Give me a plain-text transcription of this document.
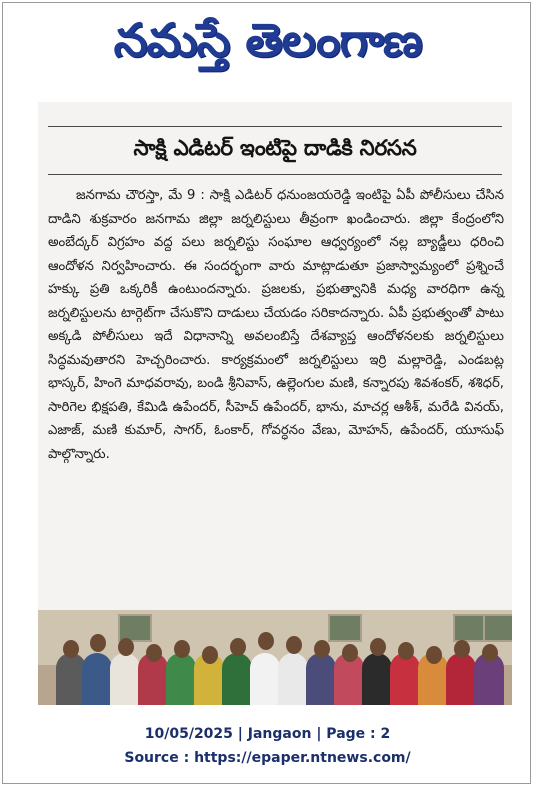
నమస్తే తెలంగాణ
సాక్షి ఎడిటర్ ఇంటిపై దాడికి నిరసన

జనగామ చౌరస్తా, మే 9 : సాక్షి ఎడిటర్ ధనుంజయరెడ్డి ఇంటిపై ఏపీ పోలీసులు చేసిన దాడిని శుక్రవారం జనగామ జిల్లా జర్నలిస్టులు తీవ్రంగా ఖండించారు. జిల్లా కేంద్రంలోని అంబేద్కర్ విగ్రహం వద్ద పలు జర్నలిస్టు సంఘాల ఆధ్వర్యంలో నల్ల బ్యాడ్జీలు ధరించి ఆందోళన నిర్వహించారు. ఈ సందర్భంగా వారు మాట్లాడుతూ ప్రజాస్వామ్యంలో ప్రశ్నించే హక్కు ప్రతి ఒక్కరికీ ఉంటుందన్నారు. ప్రజలకు, ప్రభుత్వానికి మధ్య వారధిగా ఉన్న జర్నలిస్టులను టార్గెట్‌గా చేసుకొని దాడులు చేయడం సరికాదన్నారు. ఏపీ ప్రభుత్వంతో పాటు అక్కడి పోలీసులు ఇదే విధానాన్ని అవలంబిస్తే దేశవ్యాప్త ఆందోళనలకు జర్నలిస్టులు సిద్ధమవుతారని హెచ్చరించారు. కార్యక్రమంలో జర్నలిస్టులు ఇర్రి మల్లారెడ్డి, ఎండబట్ల భాస్కర్, హింగె మాధవరావు, బండి శ్రీనివాస్, ఉల్లెంగుల మణి, కన్నారపు శివశంకర్, శశిధర్, సారిగెల భిక్షపతి, కేమిడి ఉపేందర్, సీహెచ్ ఉపేందర్, భాను, మాచర్ల ఆశీశ్, మరేడి వినయ్, ఎజాజ్, మణి కుమార్, సాగర్, ఓంకార్, గోవర్ధనం వేణు, మోహన్, ఉపేందర్, యూసుఫ్ పాల్గొన్నారు.

10/05/2025 | Jangaon | Page : 2
Source : https://epaper.ntnews.com/
